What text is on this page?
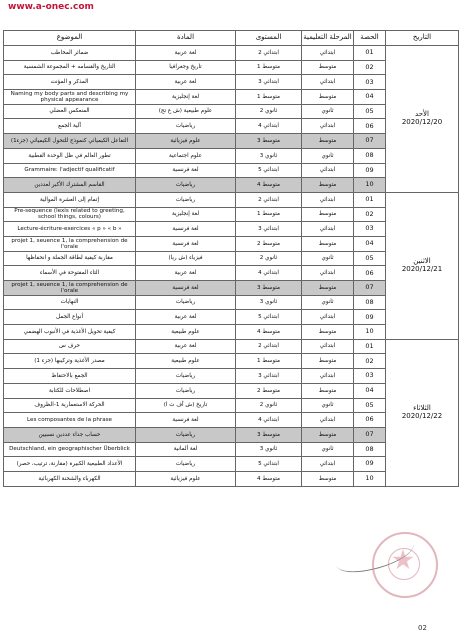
www.a-onec.com
الموضوع	المادة	المستوى	المرحلة التعليمية	الحصة	التاريخ
ضمائر المخاطب	لغة عربية	2 ابتدائي	ابتدائي	01	الأحد
2020/12/20
التاريخ والقسامه + المجموعة الشمسية	تاريخ وجغرافيا	1 متوسط	متوسط	02	
المذكر و المؤنث	لغة عربية	3 ابتدائي	ابتدائي	03	
Naming my body parts and describing my physical appearance	لغة إنجليزية	1 متوسط	متوسط	04	
المنعكس العضلي	علوم طبيعية (ش ع تج)	2 ثانوي	ثانوي	05	
آلية الجمع	رياضيات	4 ابتدائي	ابتدائي	06	
التفاعل الكيميائي كنموذج للتحول الكيميائي (جزء1)	علوم فيزيائية	3 متوسط	متوسط	07	
تطور العالم في ظل الوحدة القطبية	علوم اجتماعية	3 ثانوي	ثانوي	08	
Grammaire: l'adjectif qualificatif	لغة فرنسية	5 ابتدائي	ابتدائي	09	
القاسم المشترك الأكبر لعددين	رياضيات	4 متوسط	متوسط	10	
إتمام إلى العشرة الموالية	رياضيات	2 ابتدائي	ابتدائي	01	الاثنين
2020/12/21
Pre-sequence (lexis related to greeting, school things, colours)	لغة إنجليزية	1 متوسط	متوسط	02	
Lecture-écriture-exercices « p » « b »	لغة فرنسية	3 ابتدائي	ابتدائي	03	
projet 1, seuence 1, la comprehension de l'orale	لغة فرنسية	2 متوسط	متوسط	04	
مقاربة كيفية لطاقة الجملة و انحفاظها	فيزياء (ش ريا)	2 ثانوي	ثانوي	05	
التاء المفتوحة في الأسماء	لغة عربية	4 ابتدائي	ابتدائي	06	
projet 1, seuence 1, la comprehension de l'orale	لغة فرنسية	3 متوسط	متوسط	07	
النهايات	رياضيات	3 ثانوي	ثانوي	08	
أنواع الجمل	لغة عربية	5 ابتدائي	ابتدائي	09	
كيفية تحويل الأغذية في الأنبوب الهضمي	علوم طبيعية	4 متوسط	متوسط	10	
حرف س	لغة عربية	2 ابتدائي	ابتدائي	01	الثلاثاء
2020/12/22
مصدر الأغذية وتركيبها (جزء 1)	علوم طبيعية	1 متوسط	متوسط	02	
الجمع بالاحتفاظ	رياضيات	3 ابتدائي	ابتدائي	03	
اصطلاحات للكتابة	رياضيات	2 متوسط	متوسط	04	
الحركة الاستعمارية 1-الظروف	تاريخ (ش آف ت ا)	2 ثانوي	ثانوي	05	
Les composantes de la phrase	لغة فرنسية	4 ابتدائي	ابتدائي	06	
حساب جداء عددين نسبيين	رياضيات	3 متوسط	متوسط	07	
Deutschland, ein geographischer Überblick	لغة ألمانية	3 ثانوي	ثانوي	08	
الأعداد الطبيعية الكبيرة (مقارنة، ترتيب، حصر)	رياضيات	5 ابتدائي	ابتدائي	09	
الكهرباء والشحنة الكهربائية	علوم فيزيائية	4 متوسط	متوسط	10	
02
